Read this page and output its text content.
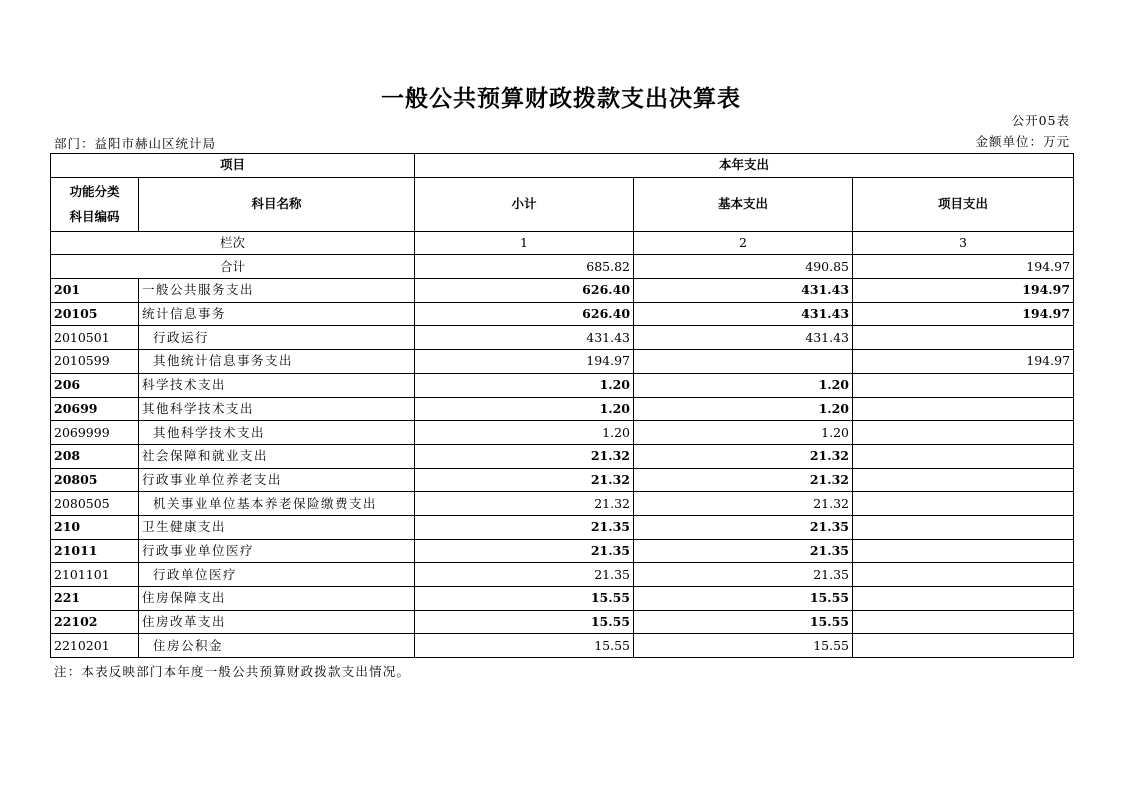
一般公共预算财政拨款支出决算表
公开05表
部门：益阳市赫山区统计局	金额单位：万元
项目		本年支出		

功能分类
科目编码	科目名称	小计	基本支出	项目支出
栏次		1	2	3
合计		685.82	490.85	194.97
201	一般公共服务支出	626.40	431.43	194.97
20105	统计信息事务	626.40	431.43	194.97
2010501	行政运行	431.43	431.43	
2010599	其他统计信息事务支出	194.97		194.97
206	科学技术支出	1.20	1.20	
20699	其他科学技术支出	1.20	1.20	
2069999	其他科学技术支出	1.20	1.20	
208	社会保障和就业支出	21.32	21.32	
20805	行政事业单位养老支出	21.32	21.32	
2080505	机关事业单位基本养老保险缴费支出	21.32	21.32	
210	卫生健康支出	21.35	21.35	
21011	行政事业单位医疗	21.35	21.35	
2101101	行政单位医疗	21.35	21.35	
221	住房保障支出	15.55	15.55	
22102	住房改革支出	15.55	15.55	
2210201	住房公积金	15.55	15.55	
注：本表反映部门本年度一般公共预算财政拨款支出情况。
